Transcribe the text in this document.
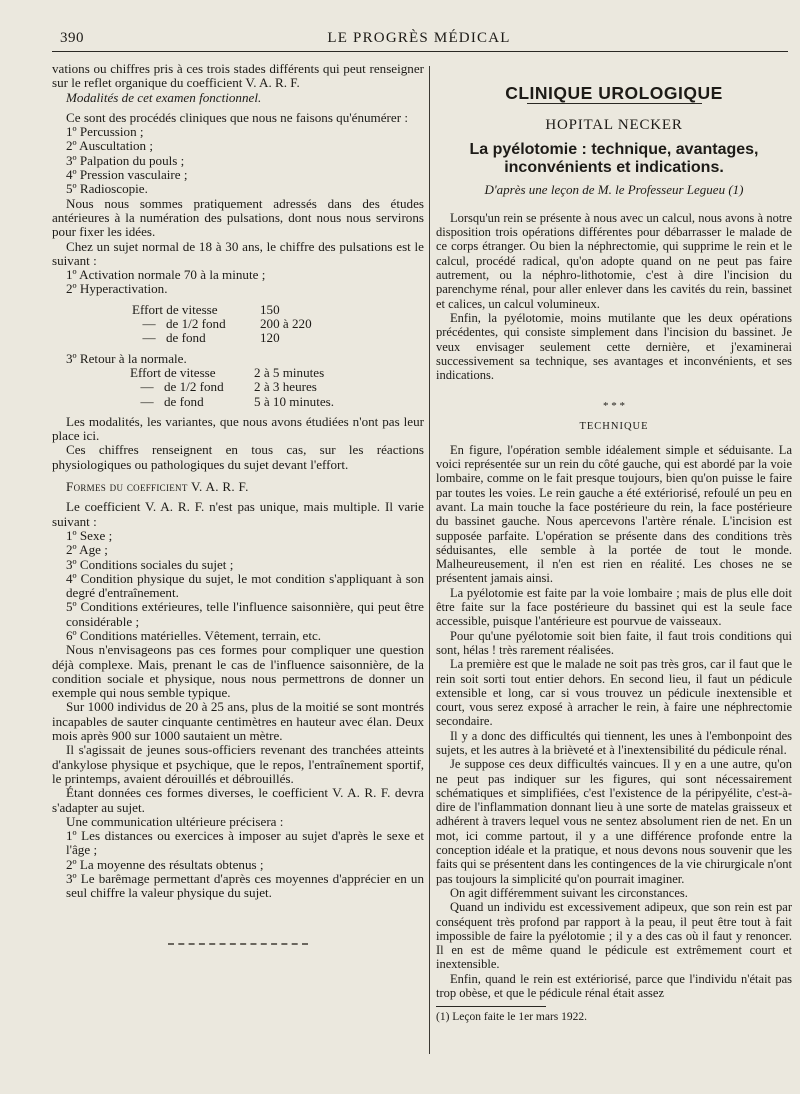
390	LE PROGRÈS MÉDICAL

vations ou chiffres pris à ces trois stades différents qui peut renseigner sur le reflet organique du coefficient V. A. R. F.

Modalités de cet examen fonctionnel.

Ce sont des procédés cliniques que nous ne faisons qu'énumérer :

1º Percussion ;

2º Auscultation ;

3º Palpation du pouls ;

4º Pression vasculaire ;

5º Radioscopie.

Nous nous sommes pratiquement adressés dans des études antérieures à la numération des pulsations, dont nous nous servirons pour fixer les idées.

Chez un sujet normal de 18 à 30 ans, le chiffre des pulsations est le suivant :

1º Activation normale 70 à la minute ;

2º Hyperactivation.

Effort de vitesse	150
— de 1/2 fond	200 à 220
— de fond	120

3º Retour à la normale.

Effort de vitesse	2 à 5 minutes
— de 1/2 fond	2 à 3 heures
— de fond	5 à 10 minutes.

Les modalités, les variantes, que nous avons étudiées n'ont pas leur place ici.

Ces chiffres renseignent en tous cas, sur les réactions physiologiques ou pathologiques du sujet devant l'effort.

Formes du coefficient V. A. R. F.

Le coefficient V. A. R. F. n'est pas unique, mais multiple. Il varie suivant :

1º Sexe ;

2º Age ;

3º Conditions sociales du sujet ;

4º Condition physique du sujet, le mot condition s'appliquant à son degré d'entraînement.

5º Conditions extérieures, telle l'influence saisonnière, qui peut être considérable ;

6º Conditions matérielles. Vêtement, terrain, etc.

Nous n'envisageons pas ces formes pour compliquer une question déjà complexe. Mais, prenant le cas de l'influence saisonnière, de la condition sociale et physique, nous nous permettrons de donner un exemple qui nous semble typique.

Sur 1000 individus de 20 à 25 ans, plus de la moitié se sont montrés incapables de sauter cinquante centimètres en hauteur avec élan. Deux mois après 900 sur 1000 sautaient un mètre.

Il s'agissait de jeunes sous-officiers revenant des tranchées atteints d'ankylose physique et psychique, que le repos, l'entraînement sportif, le printemps, avaient dérouillés et débrouillés.

Étant données ces formes diverses, le coefficient V. A. R. F. devra s'adapter au sujet.

Une communication ultérieure précisera :

1º Les distances ou exercices à imposer au sujet d'après le sexe et l'âge ;

2º La moyenne des résultats obtenus ;

3º Le barêmage permettant d'après ces moyennes d'apprécier en un seul chiffre la valeur physique du sujet.

CLINIQUE UROLOGIQUE

HOPITAL NECKER

La pyélotomie : technique, avantages, inconvénients et indications.

D'après une leçon de M. le Professeur Legueu (1)

Lorsqu'un rein se présente à nous avec un calcul, nous avons à notre disposition trois opérations différentes pour débarrasser le malade de ce corps étranger. Ou bien la néphrectomie, qui supprime le rein et le calcul, procédé radical, qu'on adopte quand on ne peut pas faire autrement, ou la néphro-lithotomie, c'est à dire l'incision du parenchyme rénal, pour aller enlever dans les cavités du rein, bassinet et calices, un calcul volumineux.

Enfin, la pyélotomie, moins mutilante que les deux opérations précédentes, qui consiste simplement dans l'incision du bassinet. Je veux envisager seulement cette dernière, et j'examinerai successivement sa technique, ses avantages et inconvénients, et ses indications.

* * *

TECHNIQUE

En figure, l'opération semble idéalement simple et séduisante. La voici représentée sur un rein du côté gauche, qui est abordé par la voie lombaire, comme on le fait presque toujours, bien qu'on puisse le faire par toutes les voies. Le rein gauche a été extériorisé, refoulé un peu en avant. La main touche la face postérieure du rein, la face postérieure du bassinet gauche. Nous apercevons l'artère rénale. L'incision est supposée parfaite. L'opération se présente dans des conditions très séduisantes, elle semble à la portée de tout le monde. Malheureusement, il n'en est rien en réalité. Les choses ne se présentent jamais ainsi.

La pyélotomie est faite par la voie lombaire ; mais de plus elle doit être faite sur la face postérieure du bassinet qui est la seule face accessible, puisque l'antérieure est pourvue de vaisseaux.

Pour qu'une pyélotomie soit bien faite, il faut trois conditions qui sont, hélas ! très rarement réalisées.

La première est que le malade ne soit pas très gros, car il faut que le rein soit sorti tout entier dehors. En second lieu, il faut un pédicule extensible et long, car si vous trouvez un pédicule inextensible et court, vous serez exposé à arracher le rein, à faire une néphrectomie secondaire.

Il y a donc des difficultés qui tiennent, les unes à l'embonpoint des sujets, et les autres à la brièveté et à l'inextensibilité du pédicule rénal.

Je suppose ces deux difficultés vaincues. Il y en a une autre, qu'on ne peut pas indiquer sur les figures, qui sont nécessairement schématiques et simplifiées, c'est l'existence de la péripyélite, c'est-à-dire de l'inflammation donnant lieu à une sorte de matelas graisseux et adhérent à travers lequel vous ne sentez absolument rien de net. En un mot, ici comme partout, il y a une différence profonde entre la conception idéale et la pratique, et nous devons nous souvenir que les faits qui se présentent dans les contingences de la vie chirurgicale n'ont pas toujours la simplicité qu'on pourrait imaginer.

On agit différemment suivant les circonstances.

Quand un individu est excessivement adipeux, que son rein est par conséquent très profond par rapport à la peau, il peut être tout à fait impossible de faire la pyélotomie ; il y a des cas où il faut y renoncer. Il en est de même quand le pédicule est extrêmement court et inextensible.

Enfin, quand le rein est extériorisé, parce que l'individu n'était pas trop obèse, et que le pédicule rénal était assez

(1) Leçon faite le 1er mars 1922.
